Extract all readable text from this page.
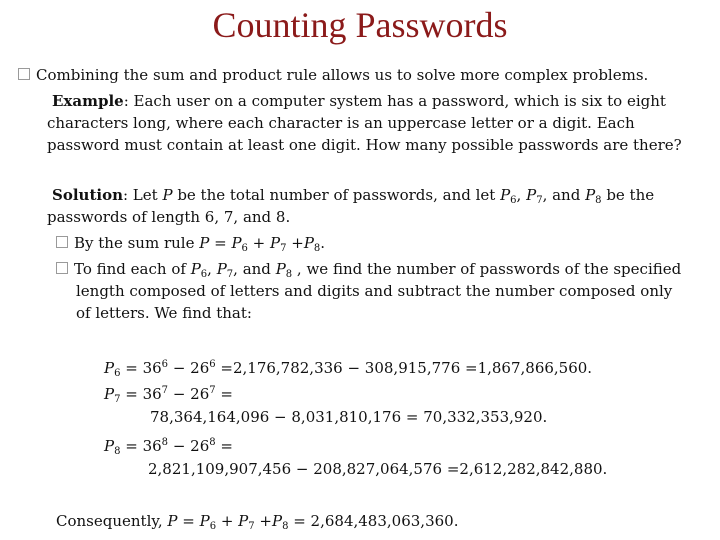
Counting Passwords
Combining the sum and product rule allows us to solve more complex problems.
Example: Each user on a computer system has a password, which is six to eight
characters long, where each character is an uppercase letter or a digit. Each
password must contain at least one digit. How many possible passwords are there?
Solution: Let P be the total number of passwords, and let $P_6$, $P_7$, and $P_8$ be the
passwords of length 6, 7, and 8.
By the sum rule $P = P_6 + P_7 +P_8$.
To find each of $P_6$, $P_7$, and $P_8$ , we find the number of passwords of the specified
length composed of letters and digits and subtract the number composed only
of letters. We find that:
$P_6 = 36^6 - 26^6 =2,176,782,336 - 308,915,776 =1,867,866,560$.
$P_7 = 36^7 - 26^7$ =
78,364,164,096 − 8,031,810,176 = 70,332,353,920.
$P_8 = 36^8 - 26^8$ =
2,821,109,907,456 − 208,827,064,576 =2,612,282,842,880.
Consequently, $P = P_6 + P_7 +P_8 = 2,684,483,063,360$.
